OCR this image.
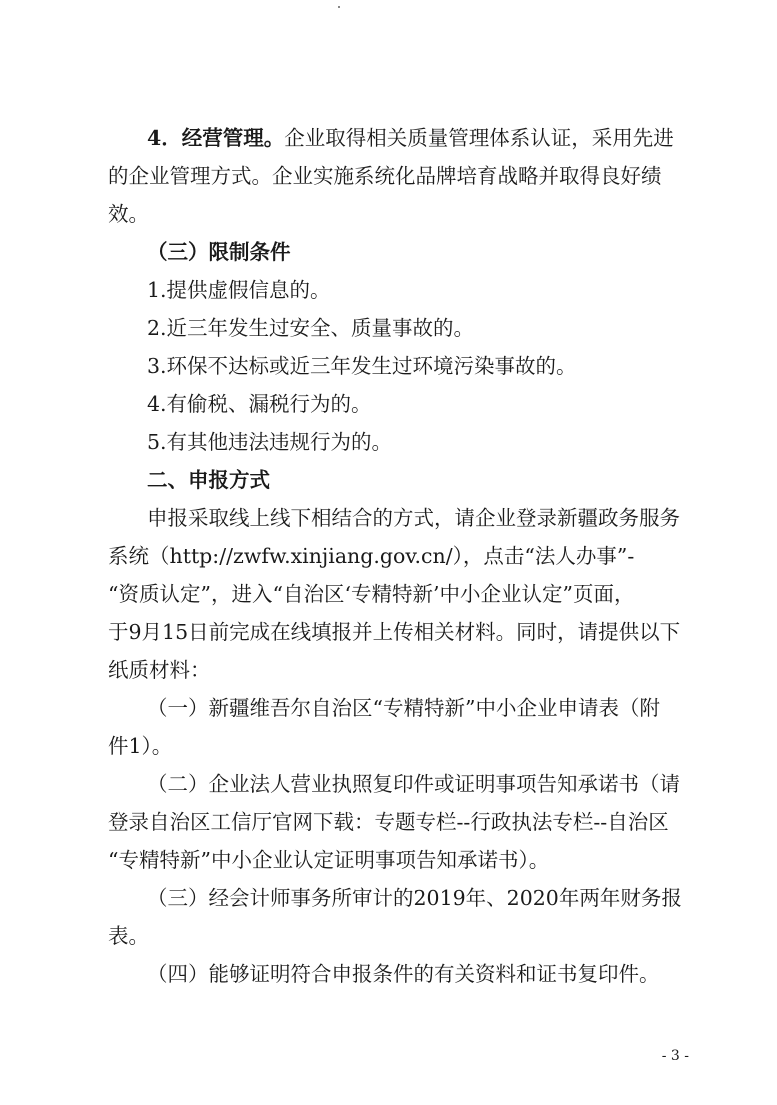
4．经营管理。企业取得相关质量管理体系认证，采用先进
的企业管理方式。企业实施系统化品牌培育战略并取得良好绩
效。
（三）限制条件
1.提供虚假信息的。
2.近三年发生过安全、质量事故的。
3.环保不达标或近三年发生过环境污染事故的。
4.有偷税、漏税行为的。
5.有其他违法违规行为的。
二、申报方式
申报采取线上线下相结合的方式，请企业登录新疆政务服务
系统（http://zwfw.xinjiang.gov.cn/），点击“法人办事”-
“资质认定”，进入“自治区‘专精特新’中小企业认定”页面，
于9月15日前完成在线填报并上传相关材料。同时，请提供以下
纸质材料：
（一）新疆维吾尔自治区“专精特新”中小企业申请表（附
件1）。
（二）企业法人营业执照复印件或证明事项告知承诺书（请
登录自治区工信厅官网下载：专题专栏--行政执法专栏--自治区
“专精特新”中小企业认定证明事项告知承诺书）。
（三）经会计师事务所审计的2019年、2020年两年财务报
表。
（四）能够证明符合申报条件的有关资料和证书复印件。
- 3 -
